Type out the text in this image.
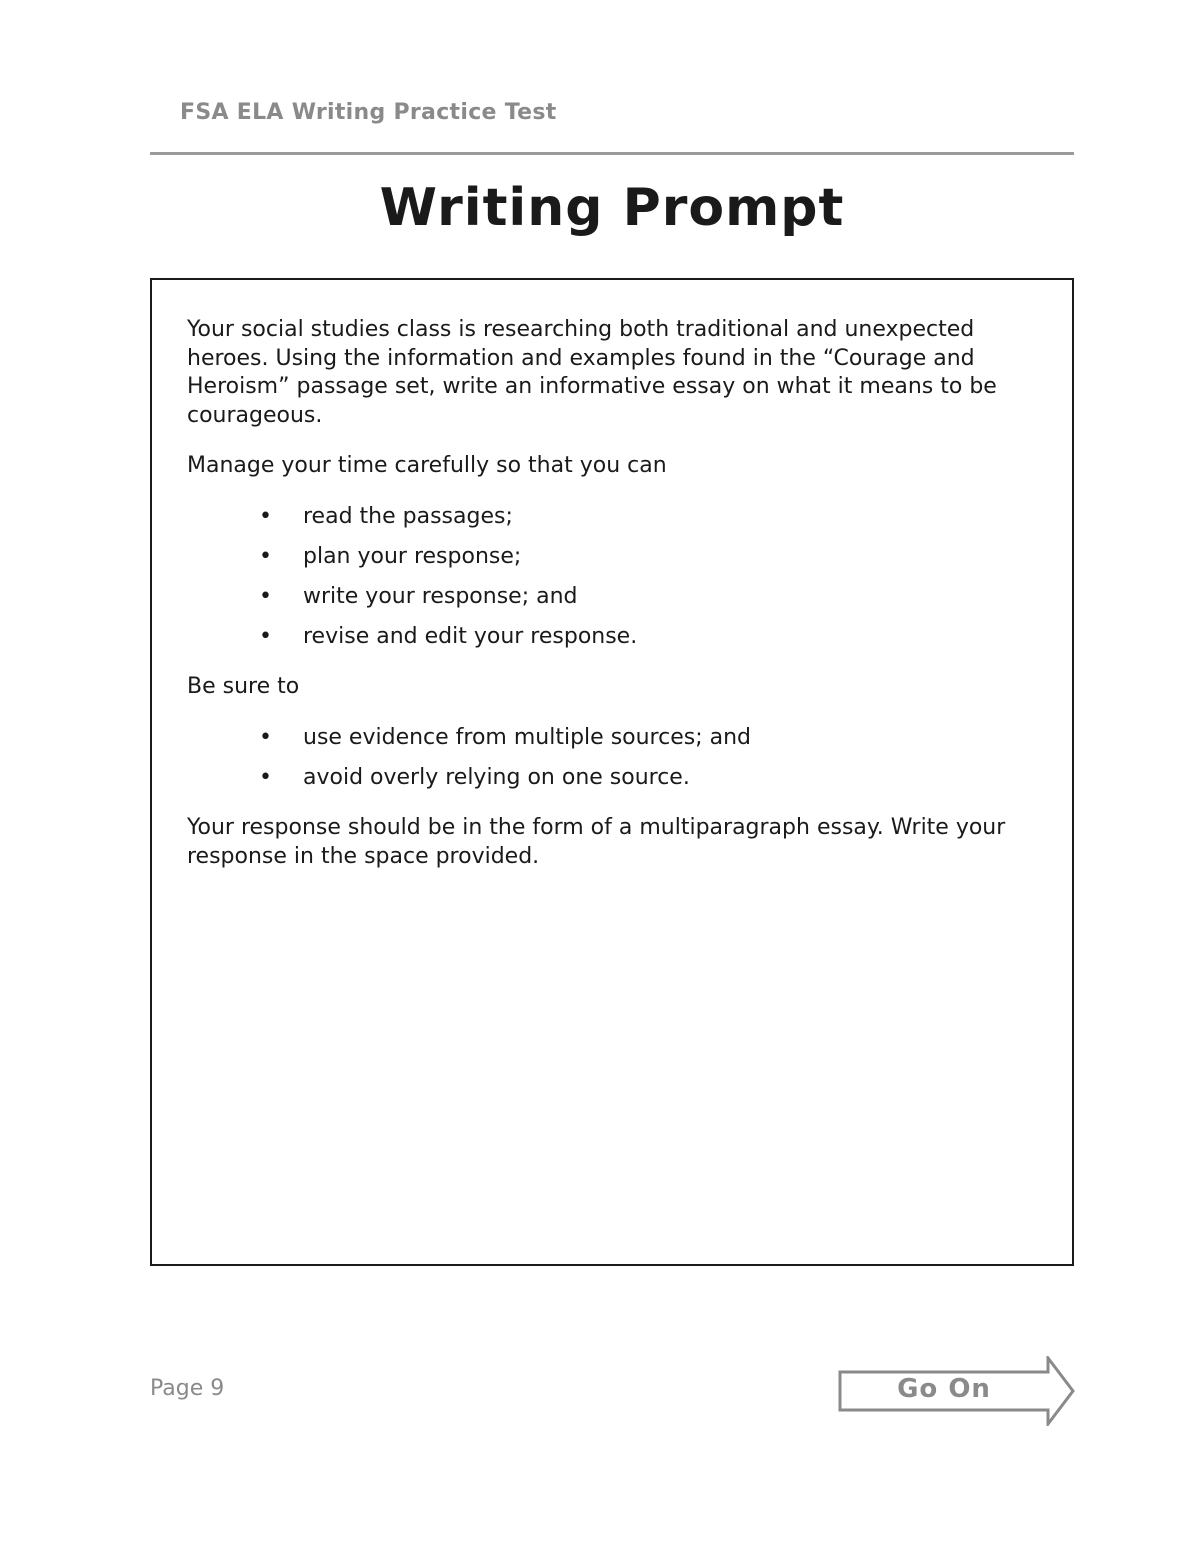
FSA ELA Writing Practice Test
Writing Prompt

Your social studies class is researching both traditional and unexpected heroes. Using the information and examples found in the “Courage and Heroism” passage set, write an informative essay on what it means to be courageous.

Manage your time carefully so that you can

• read the passages;
• plan your response;
• write your response; and
• revise and edit your response.

Be sure to

• use evidence from multiple sources; and
• avoid overly relying on one source.

Your response should be in the form of a multiparagraph essay. Write your response in the space provided.

Page 9	Go On
